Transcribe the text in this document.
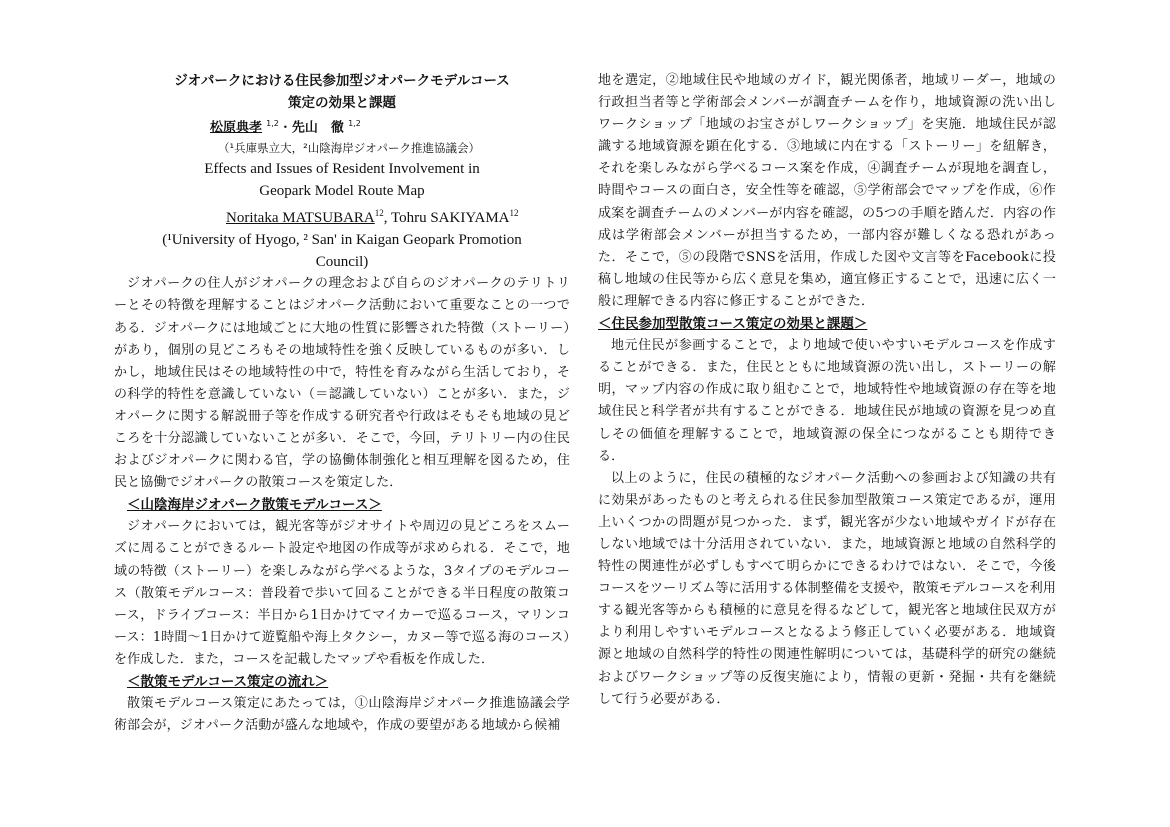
ジオパークにおける住民参加型ジオパークモデルコース
策定の効果と課題
松原典孝 $^{1,2}$・先山　徹 $^{1,2}$
（¹兵庫県立大，²山陰海岸ジオパーク推進協議会）
Effects and Issues of Resident Involvement in
Geopark Model Route Map
Noritaka MATSUBARA$^{12}$, Tohru SAKIYAMA$^{12}$
(¹University of Hyogo, ² San' in Kaigan Geopark Promotion
Council)

ジオパークの住人がジオパークの理念および自らのジオパークのテリトリーとその特徴を理解することはジオパーク活動において重要なことの一つである．ジオパークには地域ごとに大地の性質に影響された特徴（ストーリー）があり，個別の見どころもその地域特性を強く反映しているものが多い．しかし，地域住民はその地域特性の中で，特性を育みながら生活しており，その科学的特性を意識していない（＝認識していない）ことが多い．また，ジオパークに関する解説冊子等を作成する研究者や行政はそもそも地域の見どころを十分認識していないことが多い．そこで，今回，テリトリー内の住民およびジオパークに関わる官，学の協働体制強化と相互理解を図るため，住民と協働でジオパークの散策コースを策定した．

＜山陰海岸ジオパーク散策モデルコース＞

ジオパークにおいては，観光客等がジオサイトや周辺の見どころをスムーズに周ることができるルート設定や地図の作成等が求められる．そこで，地域の特徴（ストーリー）を楽しみながら学べるような，3タイプのモデルコース（散策モデルコース：普段着で歩いて回ることができる半日程度の散策コース，ドライブコース：半日から1日かけてマイカーで巡るコース，マリンコース：1時間〜1日かけて遊覧船や海上タクシー，カヌー等で巡る海のコース）を作成した．また，コースを記載したマップや看板を作成した．

＜散策モデルコース策定の流れ＞

散策モデルコース策定にあたっては，①山陰海岸ジオパーク推進協議会学術部会が，ジオパーク活動が盛んな地域や，作成の要望がある地域から候補

地を選定，②地域住民や地域のガイド，観光関係者，地域リーダー，地域の行政担当者等と学術部会メンバーが調査チームを作り，地域資源の洗い出しワークショップ「地域のお宝さがしワークショップ」を実施．地域住民が認識する地域資源を顕在化する．③地域に内在する「ストーリー」を紐解き，それを楽しみながら学べるコース案を作成，④調査チームが現地を調査し，時間やコースの面白さ，安全性等を確認，⑤学術部会でマップを作成，⑥作成案を調査チームのメンバーが内容を確認，の5つの手順を踏んだ．内容の作成は学術部会メンバーが担当するため，一部内容が難しくなる恐れがあった．そこで，⑤の段階でSNSを活用，作成した図や文言等をFacebookに投稿し地域の住民等から広く意見を集め，適宜修正することで，迅速に広く一般に理解できる内容に修正することができた．

＜住民参加型散策コース策定の効果と課題＞

地元住民が参画することで，より地域で使いやすいモデルコースを作成することができる．また，住民とともに地域資源の洗い出し，ストーリーの解明，マップ内容の作成に取り組むことで，地域特性や地域資源の存在等を地域住民と科学者が共有することができる．地域住民が地域の資源を見つめ直しその価値を理解することで，地域資源の保全につながることも期待できる．

以上のように，住民の積極的なジオパーク活動への参画および知識の共有に効果があったものと考えられる住民参加型散策コース策定であるが，運用上いくつかの問題が見つかった．まず，観光客が少ない地域やガイドが存在しない地域では十分活用されていない．また，地域資源と地域の自然科学的特性の関連性が必ずしもすべて明らかにできるわけではない．そこで，今後コースをツーリズム等に活用する体制整備を支援や，散策モデルコースを利用する観光客等からも積極的に意見を得るなどして，観光客と地域住民双方がより利用しやすいモデルコースとなるよう修正していく必要がある．地域資源と地域の自然科学的特性の関連性解明については，基礎科学的研究の継続およびワークショップ等の反復実施により，情報の更新・発掘・共有を継続して行う必要がある．
